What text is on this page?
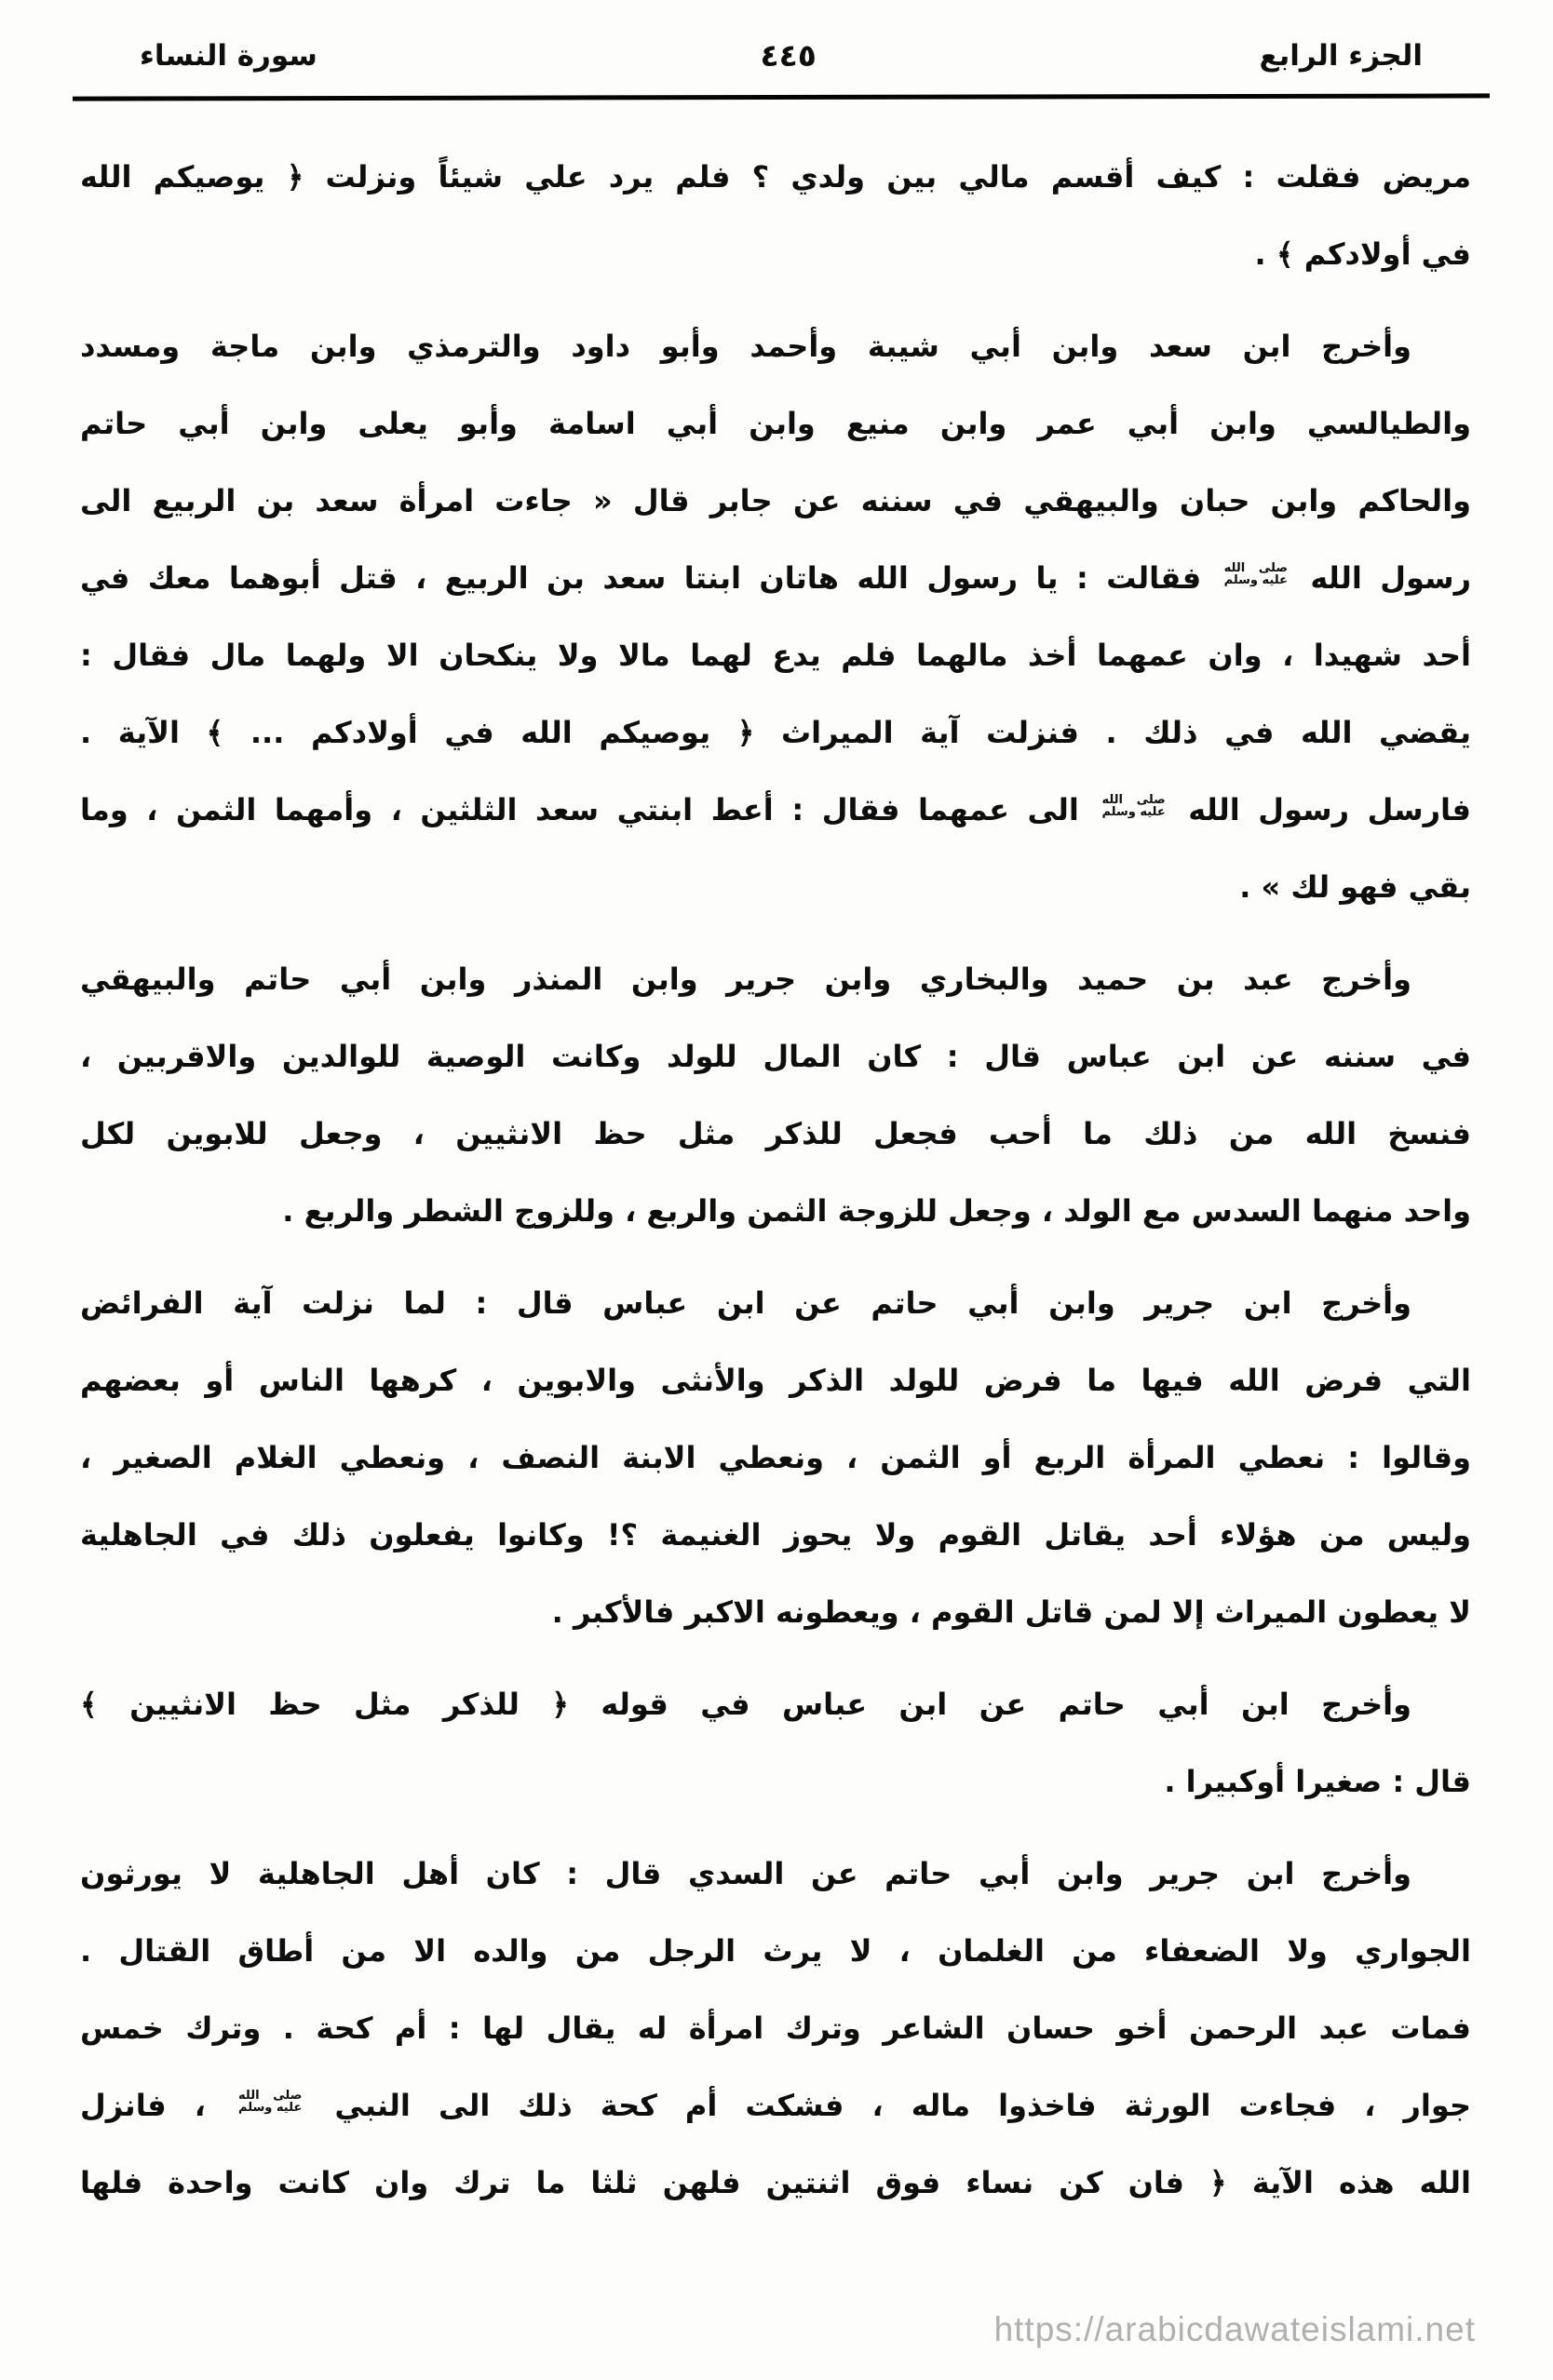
الجزء الرابع
٤٤٥
سورة النساء
مريض فقلت : كيف أقسم مالي بين ولدي ؟ فلم يرد علي شيئاً ونزلت ﴿ يوصيكم الله
في أولادكم ﴾ .
وأخرج ابن سعد وابن أبي شيبة وأحمد وأبو داود والترمذي وابن ماجة ومسدد
والطيالسي وابن أبي عمر وابن منيع وابن أبي اسامة وأبو يعلى وابن أبي حاتم
والحاكم وابن حبان والبيهقي في سننه عن جابر قال « جاءت امرأة سعد بن الربيع الى
رسول الله
صلى الله
عليه وسلم
فقالت : يا رسول الله هاتان ابنتا سعد بن الربيع ، قتل أبوهما معك في
أحد شهيدا ، وان عمهما أخذ مالهما فلم يدع لهما مالا ولا ينكحان الا ولهما مال فقال :
يقضي الله في ذلك . فنزلت آية الميراث ﴿ يوصيكم الله في أولادكم ... ﴾ الآية .
فارسل رسول الله
صلى الله
عليه وسلم
الى عمهما فقال : أعط ابنتي سعد الثلثين ، وأمهما الثمن ، وما
بقي فهو لك » .
وأخرج عبد بن حميد والبخاري وابن جرير وابن المنذر وابن أبي حاتم والبيهقي
في سننه عن ابن عباس قال : كان المال للولد وكانت الوصية للوالدين والاقربين ،
فنسخ الله من ذلك ما أحب فجعل للذكر مثل حظ الانثيين ، وجعل للابوين لكل
واحد منهما السدس مع الولد ، وجعل للزوجة الثمن والربع ، وللزوج الشطر والربع .
وأخرج ابن جرير وابن أبي حاتم عن ابن عباس قال : لما نزلت آية الفرائض
التي فرض الله فيها ما فرض للولد الذكر والأنثى والابوين ، كرهها الناس أو بعضهم
وقالوا : نعطي المرأة الربع أو الثمن ، ونعطي الابنة النصف ، ونعطي الغلام الصغير ،
وليس من هؤلاء أحد يقاتل القوم ولا يحوز الغنيمة ؟! وكانوا يفعلون ذلك في الجاهلية
لا يعطون الميراث إلا لمن قاتل القوم ، ويعطونه الاكبر فالأكبر .
وأخرج ابن أبي حاتم عن ابن عباس في قوله ﴿ للذكر مثل حظ الانثيين ﴾
قال : صغيرا أوكبيرا .
وأخرج ابن جرير وابن أبي حاتم عن السدي قال : كان أهل الجاهلية لا يورثون
الجواري ولا الضعفاء من الغلمان ، لا يرث الرجل من والده الا من أطاق القتال .
فمات عبد الرحمن أخو حسان الشاعر وترك امرأة له يقال لها : أم كحة . وترك خمس
جوار ، فجاءت الورثة فاخذوا ماله ، فشكت أم كحة ذلك الى النبي
صلى الله
عليه وسلم
، فانزل
الله هذه الآية ﴿ فان كن نساء فوق اثنتين فلهن ثلثا ما ترك وان كانت واحدة فلها
https://arabicdawateislami.net
